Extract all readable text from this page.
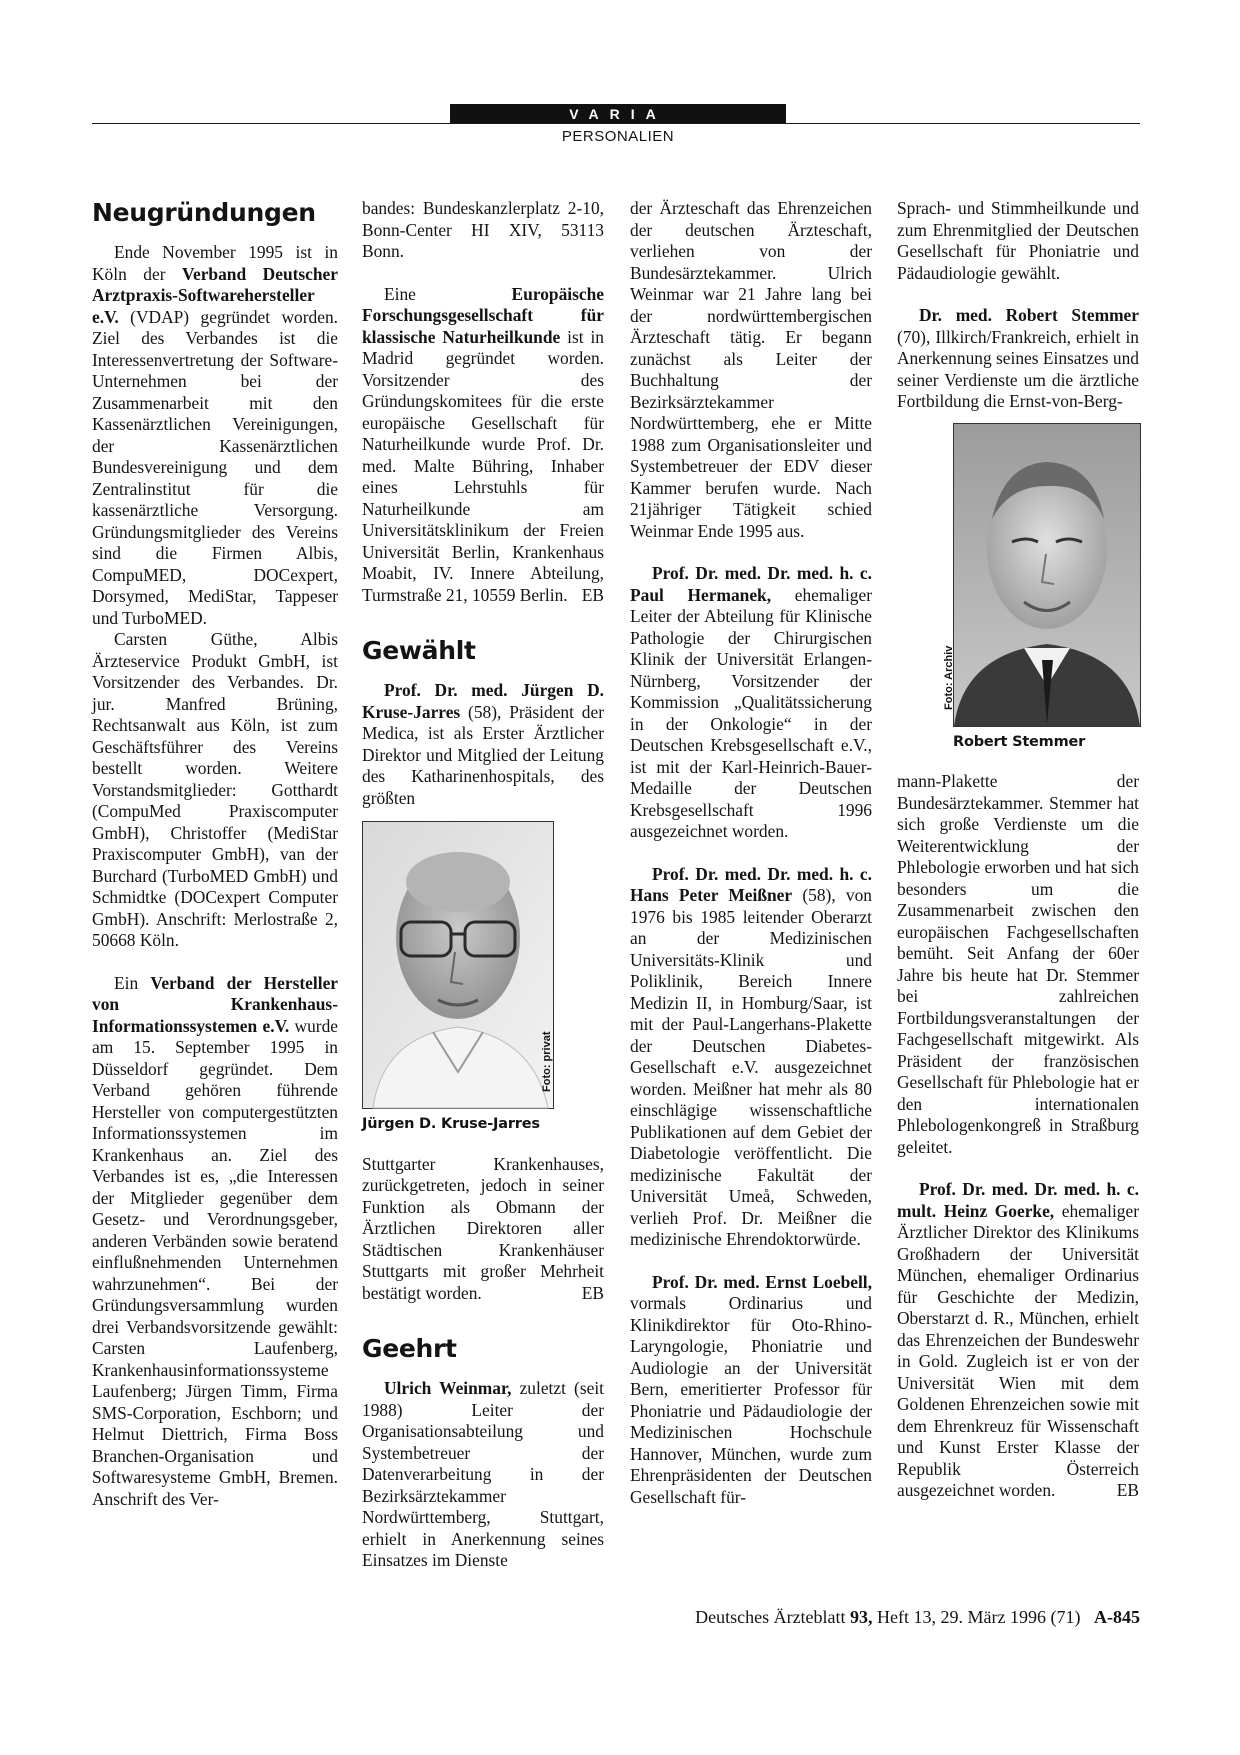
VARIA
PERSONALIEN
Neugründungen

Ende November 1995 ist in Köln der Verband Deutscher Arztpraxis-Softwarehersteller e.V. (VDAP) gegründet worden. Ziel des Verbandes ist die Interessenvertretung der Software-Unternehmen bei der Zusammenarbeit mit den Kassenärztlichen Vereinigungen, der Kassenärztlichen Bundesvereinigung und dem Zentralinstitut für die kassenärztliche Versorgung. Gründungsmitglieder des Vereins sind die Firmen Albis, CompuMED, DOCexpert, Dorsymed, MediStar, Tappeser und TurboMED.

Carsten Güthe, Albis Ärzteservice Produkt GmbH, ist Vorsitzender des Verbandes. Dr. jur. Manfred Brüning, Rechtsanwalt aus Köln, ist zum Geschäftsführer des Vereins bestellt worden. Weitere Vorstandsmitglieder: Gotthardt (CompuMed Praxiscomputer GmbH), Christoffer (MediStar Praxiscomputer GmbH), van der Burchard (TurboMED GmbH) und Schmidtke (DOCexpert Computer GmbH). Anschrift: Merlostraße 2, 50668 Köln.

Ein Verband der Hersteller von Krankenhaus-Informationssystemen e.V. wurde am 15. September 1995 in Düsseldorf gegründet. Dem Verband gehören führende Hersteller von computergestützten Informationssystemen im Krankenhaus an. Ziel des Verbandes ist es, „die Interessen der Mitglieder gegenüber dem Gesetz- und Verordnungsgeber, anderen Verbänden sowie beratend einflußnehmenden Unternehmen wahrzunehmen“. Bei der Gründungsversammlung wurden drei Verbandsvorsitzende gewählt: Carsten Laufenberg, Krankenhausinformationssysteme Laufenberg; Jürgen Timm, Firma SMS-Corporation, Eschborn; und Helmut Diettrich, Firma Boss Branchen-Organisation und Softwaresysteme GmbH, Bremen. Anschrift des Ver-

bandes: Bundeskanzlerplatz 2-10, Bonn-Center HI XIV, 53113 Bonn.

Eine Europäische Forschungsgesellschaft für klassische Naturheilkunde ist in Madrid gegründet worden. Vorsitzender des Gründungskomitees für die erste europäische Gesellschaft für Naturheilkunde wurde Prof. Dr. med. Malte Bühring, Inhaber eines Lehrstuhls für Naturheilkunde am Universitätsklinikum der Freien Universität Berlin, Krankenhaus Moabit, IV. Innere Abteilung, Turmstraße 21, 10559 Berlin. EB

Gewählt

Prof. Dr. med. Jürgen D. Kruse-Jarres (58), Präsident der Medica, ist als Erster Ärztlicher Direktor und Mitglied der Leitung des Katharinenhospitals, des größten

Foto: privat
Jürgen D. Kruse-Jarres

Stuttgarter Krankenhauses, zurückgetreten, jedoch in seiner Funktion als Obmann der Ärztlichen Direktoren aller Städtischen Krankenhäuser Stuttgarts mit großer Mehrheit bestätigt worden.	EB

Geehrt

Ulrich Weinmar, zuletzt (seit 1988) Leiter der Organisationsabteilung und Systembetreuer der Datenverarbeitung in der Bezirksärztekammer Nordwürttemberg, Stuttgart, erhielt in Anerkennung seines Einsatzes im Dienste

der Ärzteschaft das Ehrenzeichen der deutschen Ärzteschaft, verliehen von der Bundesärztekammer. Ulrich Weinmar war 21 Jahre lang bei der nordwürttembergischen Ärzteschaft tätig. Er begann zunächst als Leiter der Buchhaltung der Bezirksärztekammer Nordwürttemberg, ehe er Mitte 1988 zum Organisationsleiter und Systembetreuer der EDV dieser Kammer berufen wurde. Nach 21jähriger Tätigkeit schied Weinmar Ende 1995 aus.

Prof. Dr. med. Dr. med. h. c. Paul Hermanek, ehemaliger Leiter der Abteilung für Klinische Pathologie der Chirurgischen Klinik der Universität Erlangen-Nürnberg, Vorsitzender der Kommission „Qualitätssicherung in der Onkologie“ in der Deutschen Krebsgesellschaft e.V., ist mit der Karl-Heinrich-Bauer-Medaille der Deutschen Krebsgesellschaft 1996 ausgezeichnet worden.

Prof. Dr. med. Dr. med. h. c. Hans Peter Meißner (58), von 1976 bis 1985 leitender Oberarzt an der Medizinischen Universitäts-Klinik und Poliklinik, Bereich Innere Medizin II, in Homburg/Saar, ist mit der Paul-Langerhans-Plakette der Deutschen Diabetes-Gesellschaft e.V. ausgezeichnet worden. Meißner hat mehr als 80 einschlägige wissenschaftliche Publikationen auf dem Gebiet der Diabetologie veröffentlicht. Die medizinische Fakultät der Universität Umeå, Schweden, verlieh Prof. Dr. Meißner die medizinische Ehrendoktorwürde.

Prof. Dr. med. Ernst Loebell, vormals Ordinarius und Klinikdirektor für Oto-Rhino-Laryngologie, Phoniatrie und Audiologie an der Universität Bern, emeritierter Professor für Phoniatrie und Pädaudiologie der Medizinischen Hochschule Hannover, München, wurde zum Ehrenpräsidenten der Deutschen Gesellschaft für-

Sprach- und Stimmheilkunde und zum Ehrenmitglied der Deutschen Gesellschaft für Phoniatrie und Pädaudiologie gewählt.

Dr. med. Robert Stemmer (70), Illkirch/Frankreich, erhielt in Anerkennung seines Einsatzes und seiner Verdienste um die ärztliche Fortbildung die Ernst-von-Berg-

Foto: Archiv
Robert Stemmer

mann-Plakette der Bundesärztekammer. Stemmer hat sich große Verdienste um die Weiterentwicklung der Phlebologie erworben und hat sich besonders um die Zusammenarbeit zwischen den europäischen Fachgesellschaften bemüht. Seit Anfang der 60er Jahre bis heute hat Dr. Stemmer bei zahlreichen Fortbildungsveranstaltungen der Fachgesellschaft mitgewirkt. Als Präsident der französischen Gesellschaft für Phlebologie hat er den internationalen Phlebologenkongreß in Straßburg geleitet.

Prof. Dr. med. Dr. med. h. c. mult. Heinz Goerke, ehemaliger Ärztlicher Direktor des Klinikums Großhadern der Universität München, ehemaliger Ordinarius für Geschichte der Medizin, Oberstarzt d. R., München, erhielt das Ehrenzeichen der Bundeswehr in Gold. Zugleich ist er von der Universität Wien mit dem Goldenen Ehrenzeichen sowie mit dem Ehrenkreuz für Wissenschaft und Kunst Erster Klasse der Republik Österreich ausgezeichnet worden.	EB

Deutsches Ärzteblatt 93, Heft 13, 29. März 1996 (71) A-845
